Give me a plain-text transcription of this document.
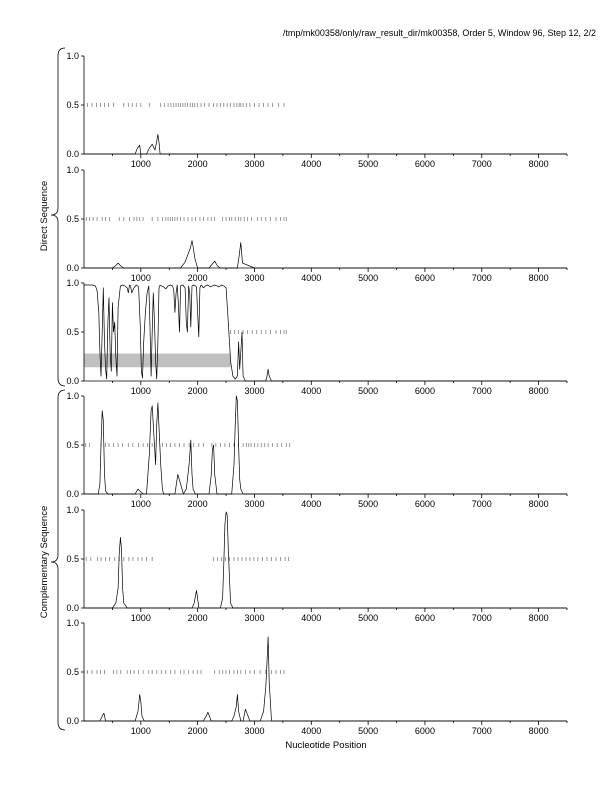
/tmp/mk00358/only/raw_result_dir/mk00358, Order 5, Window 96, Step 12, 2/2
Direct Sequence
Complementary Sequence
0.0
0.5
1.0
1000	2000	3000	4000	5000	6000	7000	8000
0.0
0.5
1.0
1000	2000	3000	4000	5000	6000	7000	8000
0.0
0.5
1.0
1000	2000	3000	4000	5000	6000	7000	8000
0.0
0.5
1.0
1000	2000	3000	4000	5000	6000	7000	8000
0.0
0.5
1.0
1000	2000	3000	4000	5000	6000	7000	8000
0.0
0.5
1.0
1000	2000	3000	4000	5000	6000	7000	8000
Nucleotide Position
